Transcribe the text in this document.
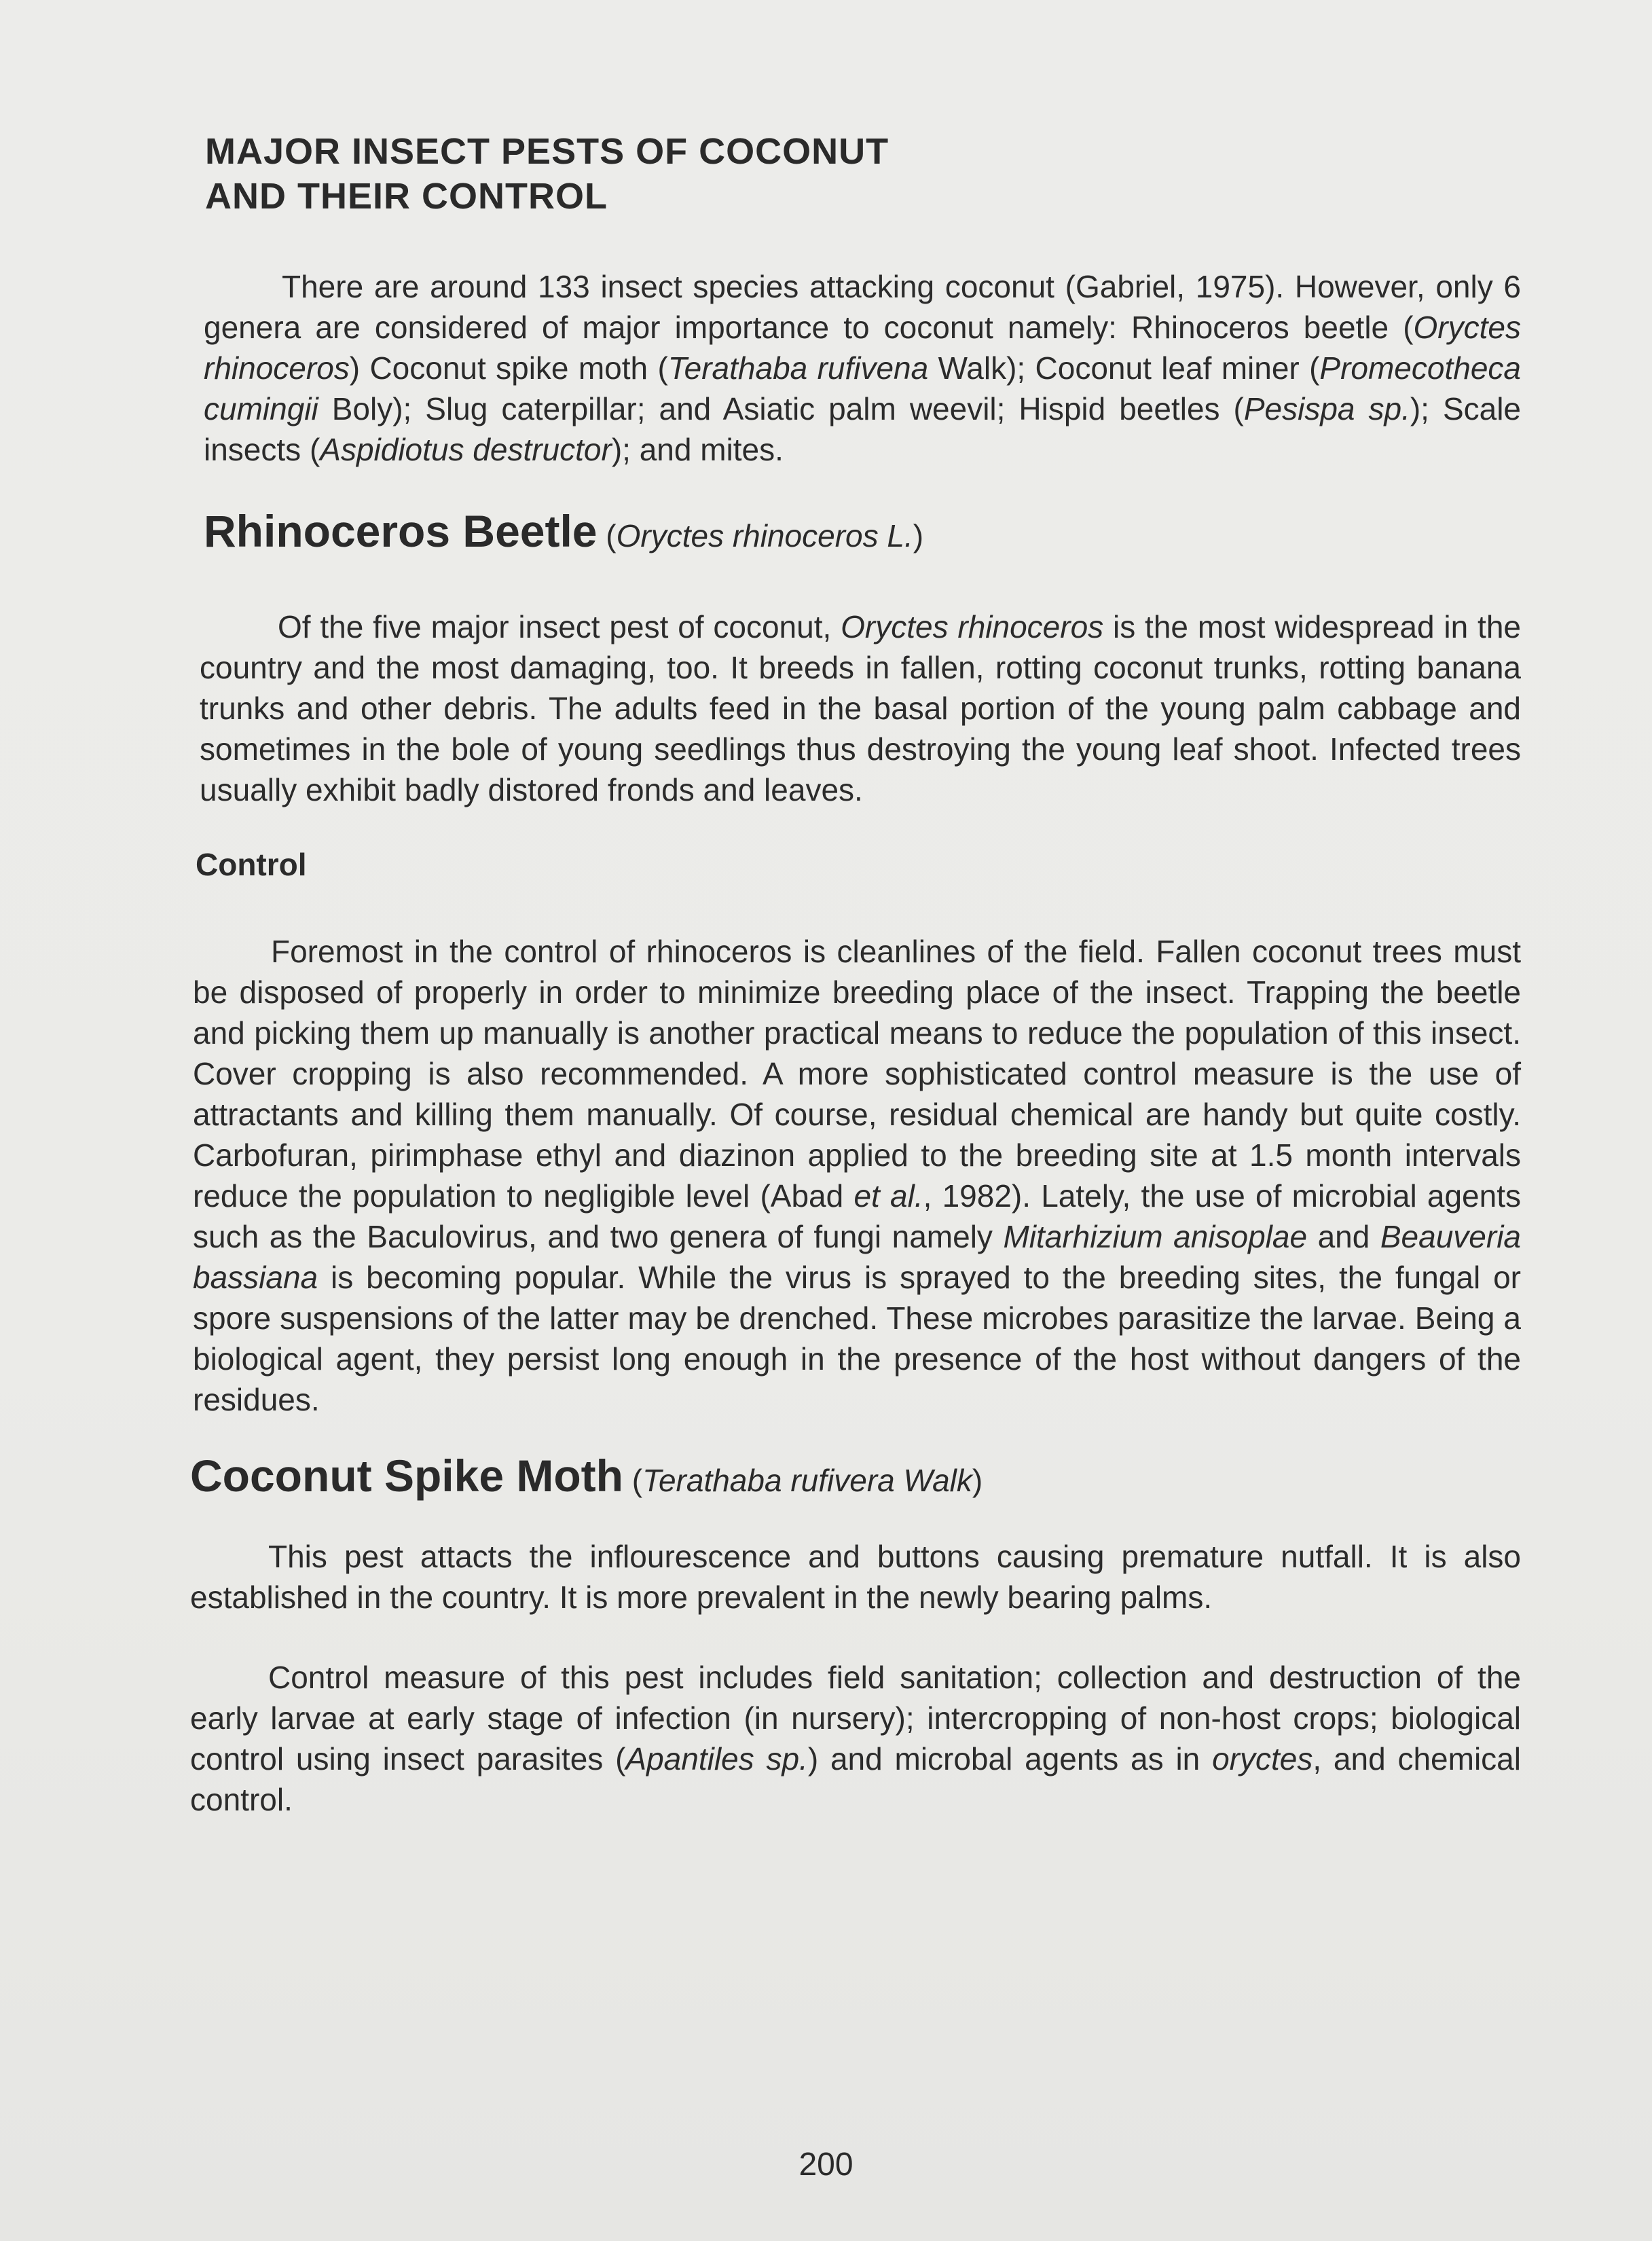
MAJOR INSECT PESTS OF COCONUT
AND THEIR CONTROL

There are around 133 insect species attacking coconut (Gabriel, 1975). However, only 6 genera are considered of major importance to coconut namely: Rhinoceros beetle (Oryctes rhinoceros) Coconut spike moth (Terathaba rufivena Walk); Coconut leaf miner (Promecotheca cumingii Boly); Slug caterpillar; and Asiatic palm weevil; Hispid beetles (Pesispa sp.); Scale insects (Aspidiotus destructor); and mites.

Rhinoceros Beetle (Oryctes rhinoceros L.)

Of the five major insect pest of coconut, Oryctes rhinoceros is the most widespread in the country and the most damaging, too. It breeds in fallen, rotting coconut trunks, rotting banana trunks and other debris. The adults feed in the basal portion of the young palm cabbage and sometimes in the bole of young seedlings thus destroying the young leaf shoot. Infected trees usually exhibit badly distored fronds and leaves.

Control

Foremost in the control of rhinoceros is cleanlines of the field. Fallen coconut trees must be disposed of properly in order to minimize breeding place of the insect. Trapping the beetle and picking them up manually is another practical means to reduce the population of this insect. Cover cropping is also recommended. A more sophisticated control measure is the use of attractants and killing them manually. Of course, residual chemical are handy but quite costly. Carbofuran, pirimphase ethyl and diazinon applied to the breeding site at 1.5 month intervals reduce the population to negligible level (Abad et al., 1982). Lately, the use of microbial agents such as the Baculovirus, and two genera of fungi namely Mitarhizium anisoplae and Beauveria bassiana is becoming popular. While the virus is sprayed to the breeding sites, the fungal or spore suspensions of the latter may be drenched. These microbes parasitize the larvae. Being a biological agent, they persist long enough in the presence of the host without dangers of the residues.

Coconut Spike Moth (Terathaba rufivera Walk)

This pest attacts the inflourescence and buttons causing premature nutfall. It is also established in the country. It is more prevalent in the newly bearing palms.

Control measure of this pest includes field sanitation; collection and destruction of the early larvae at early stage of infection (in nursery); intercropping of non-host crops; biological control using insect parasites (Apantiles sp.) and microbal agents as in oryctes, and chemical control.

200
